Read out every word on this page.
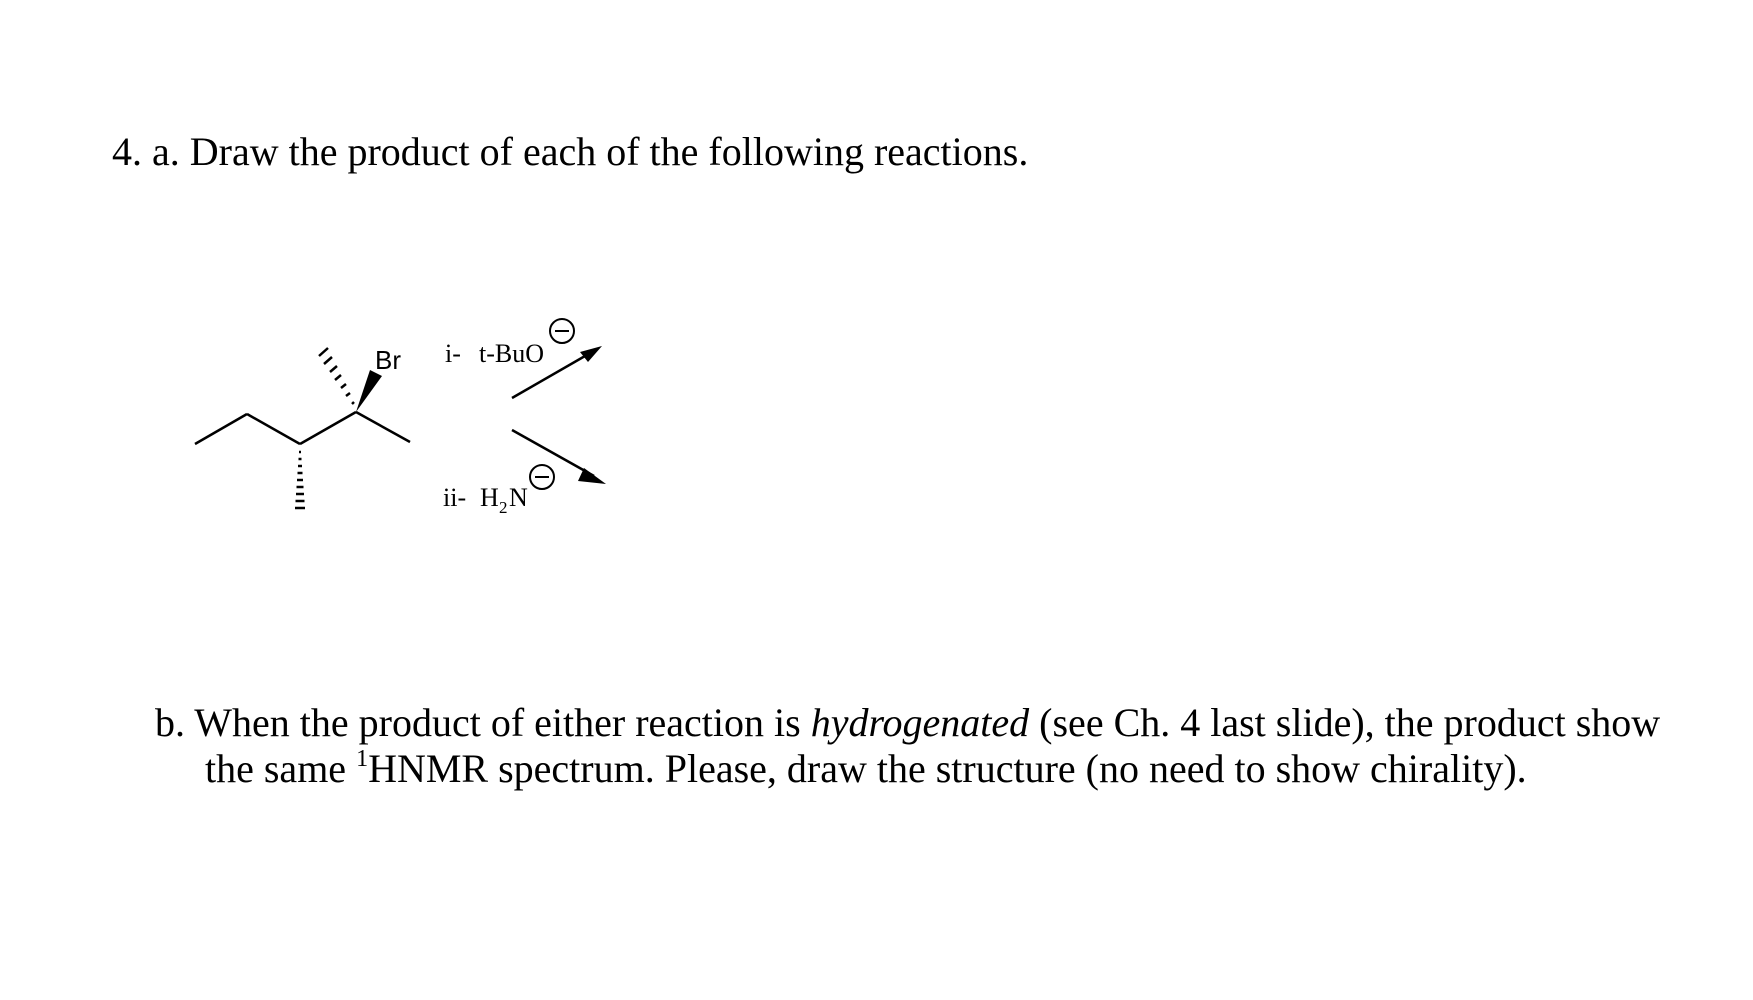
4. a. Draw the product of each of the following reactions.
Br i- t-BuO
ii- H 2 N
b. When the product of either reaction is hydrogenated (see Ch. 4 last slide), the product show
the same $^1$HNMR spectrum. Please, draw the structure (no need to show chirality).
